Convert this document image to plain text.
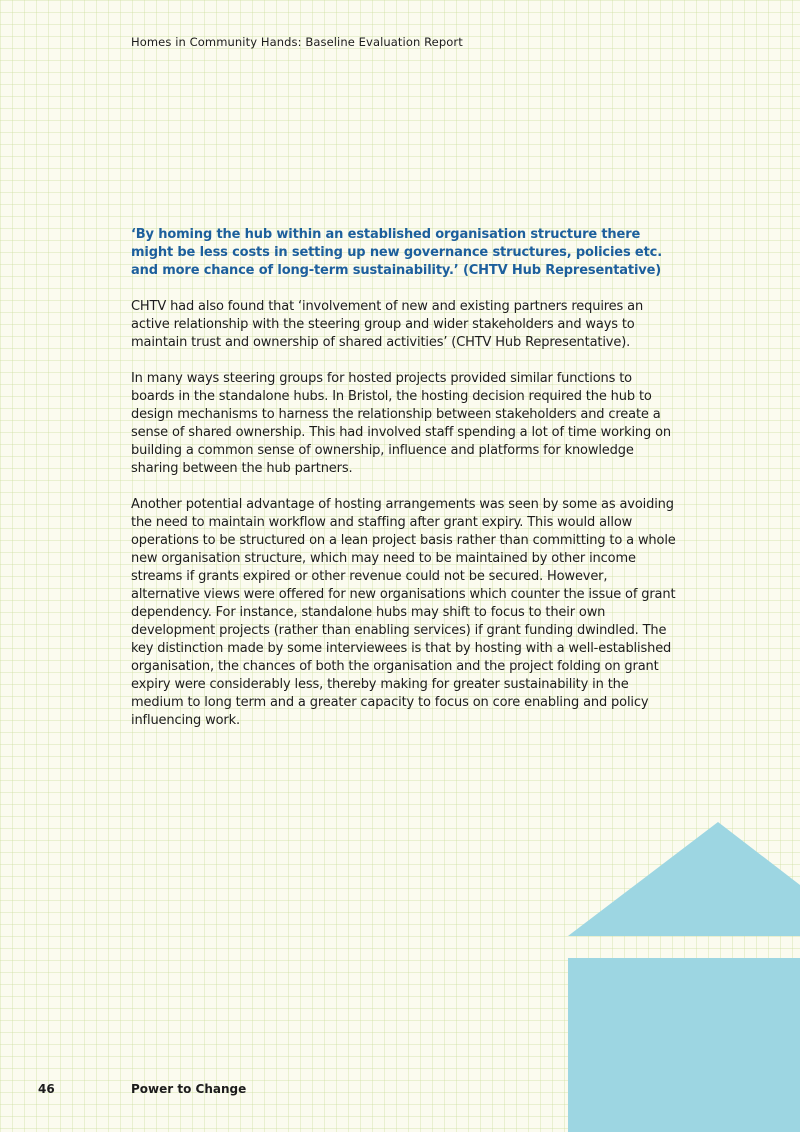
Homes in Community Hands: Baseline Evaluation Report

‘By homing the hub within an established organisation structure there might be less costs in setting up new governance structures, policies etc. and more chance of long-term sustainability.’ (CHTV Hub Representative)

CHTV had also found that ‘involvement of new and existing partners requires an active relationship with the steering group and wider stakeholders and ways to maintain trust and ownership of shared activities’ (CHTV Hub Representative).

In many ways steering groups for hosted projects provided similar functions to boards in the standalone hubs. In Bristol, the hosting decision required the hub to design mechanisms to harness the relationship between stakeholders and create a sense of shared ownership. This had involved staff spending a lot of time working on building a common sense of ownership, influence and platforms for knowledge sharing between the hub partners.

Another potential advantage of hosting arrangements was seen by some as avoiding the need to maintain workflow and staffing after grant expiry. This would allow operations to be structured on a lean project basis rather than committing to a whole new organisation structure, which may need to be maintained by other income streams if grants expired or other revenue could not be secured. However, alternative views were offered for new organisations which counter the issue of grant dependency. For instance, standalone hubs may shift to focus to their own development projects (rather than enabling services) if grant funding dwindled. The key distinction made by some interviewees is that by hosting with a well-established organisation, the chances of both the organisation and the project folding on grant expiry were considerably less, thereby making for greater sustainability in the medium to long term and a greater capacity to focus on core enabling and policy influencing work.

46	Power to Change
